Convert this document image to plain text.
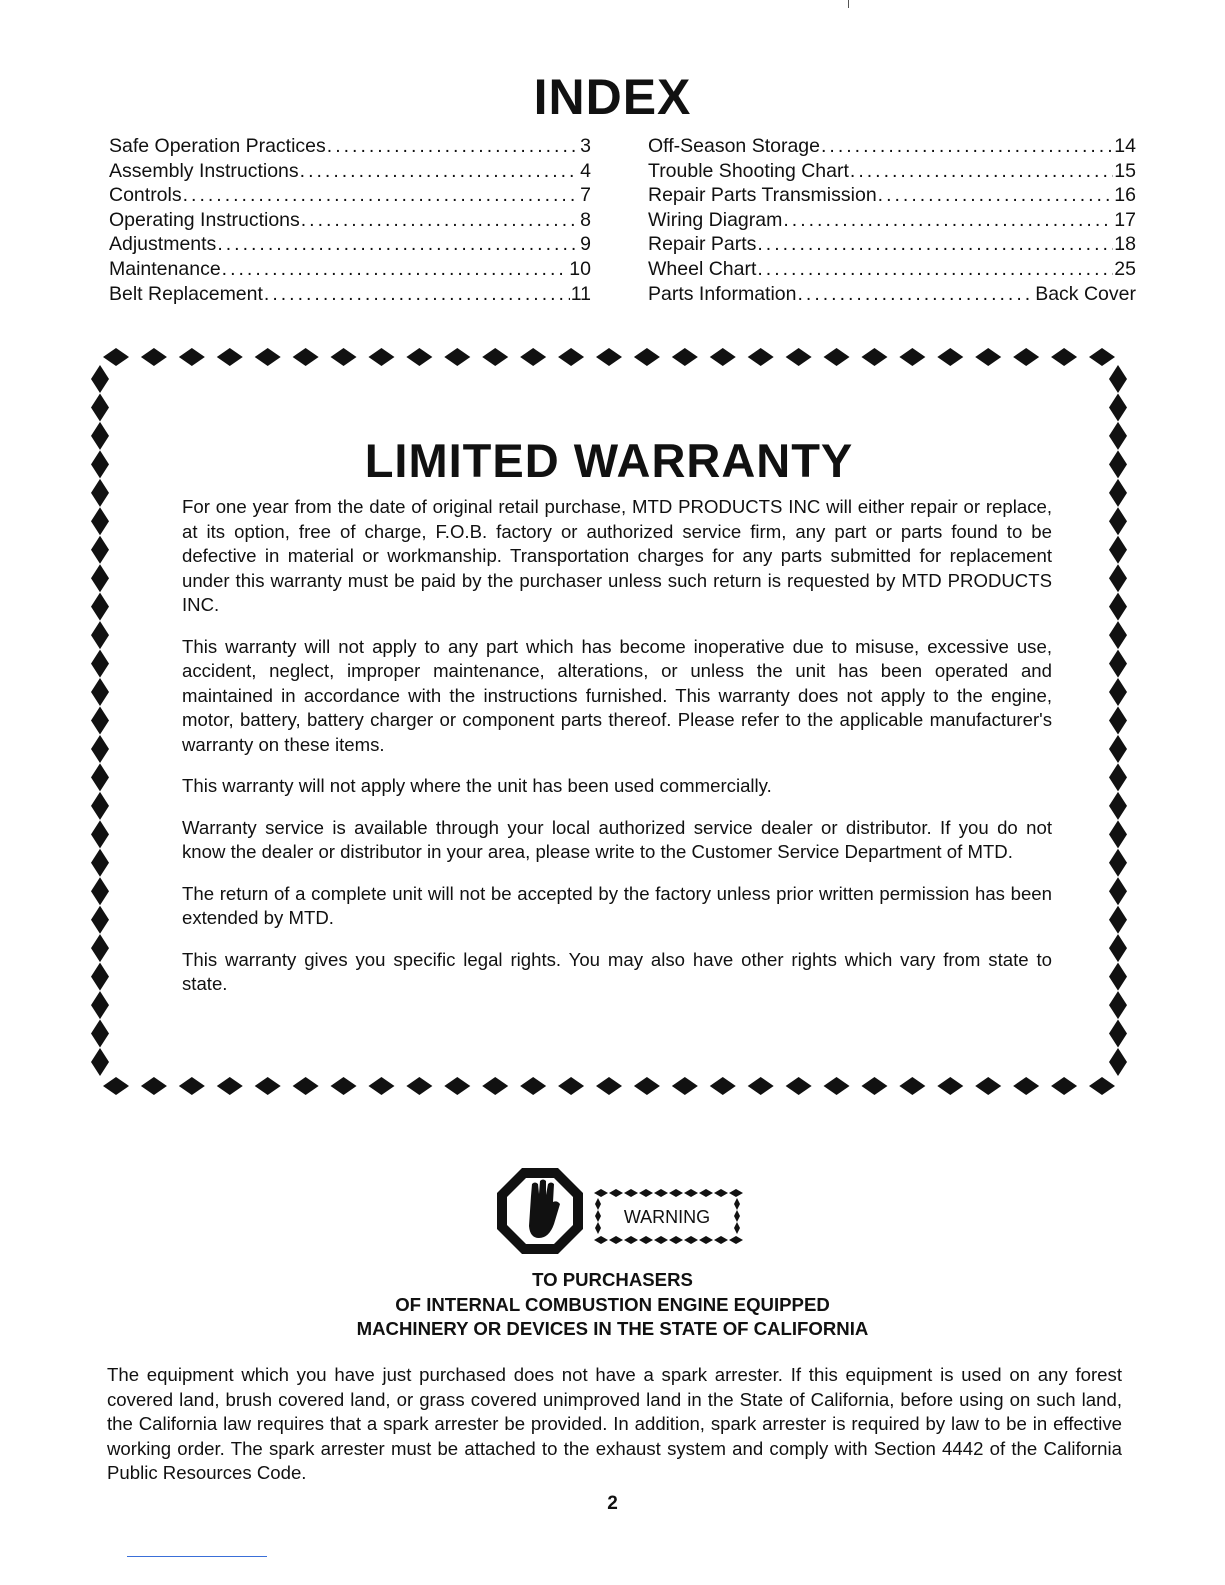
INDEX
Safe Operation Practices .....	3
Assembly Instructions .....	4
Controls .....	7
Operating Instructions .....	8
Adjustments .....	9
Maintenance .....	10
Belt Replacement .....	11
Off-Season Storage .....	14
Trouble Shooting Chart .....	15
Repair Parts Transmission .....	16
Wiring Diagram .....	17
Repair Parts .....	18
Wheel Chart .....	25
Parts Information .....	Back Cover
LIMITED WARRANTY

For one year from the date of original retail purchase, MTD PRODUCTS INC will either repair or replace, at its option, free of charge, F.O.B. factory or authorized service firm, any part or parts found to be defective in material or workmanship. Transportation charges for any parts submitted for replacement under this warranty must be paid by the purchaser unless such return is requested by MTD PRODUCTS INC.

This warranty will not apply to any part which has become inoperative due to misuse, excessive use, accident, neglect, improper maintenance, alterations, or unless the unit has been operated and maintained in accordance with the instructions furnished. This warranty does not apply to the engine, motor, battery, battery charger or component parts thereof. Please refer to the applicable manufacturer's warranty on these items.

This warranty will not apply where the unit has been used commercially.

Warranty service is available through your local authorized service dealer or distributor. If you do not know the dealer or distributor in your area, please write to the Customer Service Department of MTD.

The return of a complete unit will not be accepted by the factory unless prior written permission has been extended by MTD.

This warranty gives you specific legal rights. You may also have other rights which vary from state to state.

WARNING
TO PURCHASERS
OF INTERNAL COMBUSTION ENGINE EQUIPPED
MACHINERY OR DEVICES IN THE STATE OF CALIFORNIA

The equipment which you have just purchased does not have a spark arrester. If this equipment is used on any forest covered land, brush covered land, or grass covered unimproved land in the State of California, before using on such land, the California law requires that a spark arrester be provided. In addition, spark arrester is required by law to be in effective working order. The spark arrester must be attached to the exhaust system and comply with Section 4442 of the California Public Resources Code.

2
